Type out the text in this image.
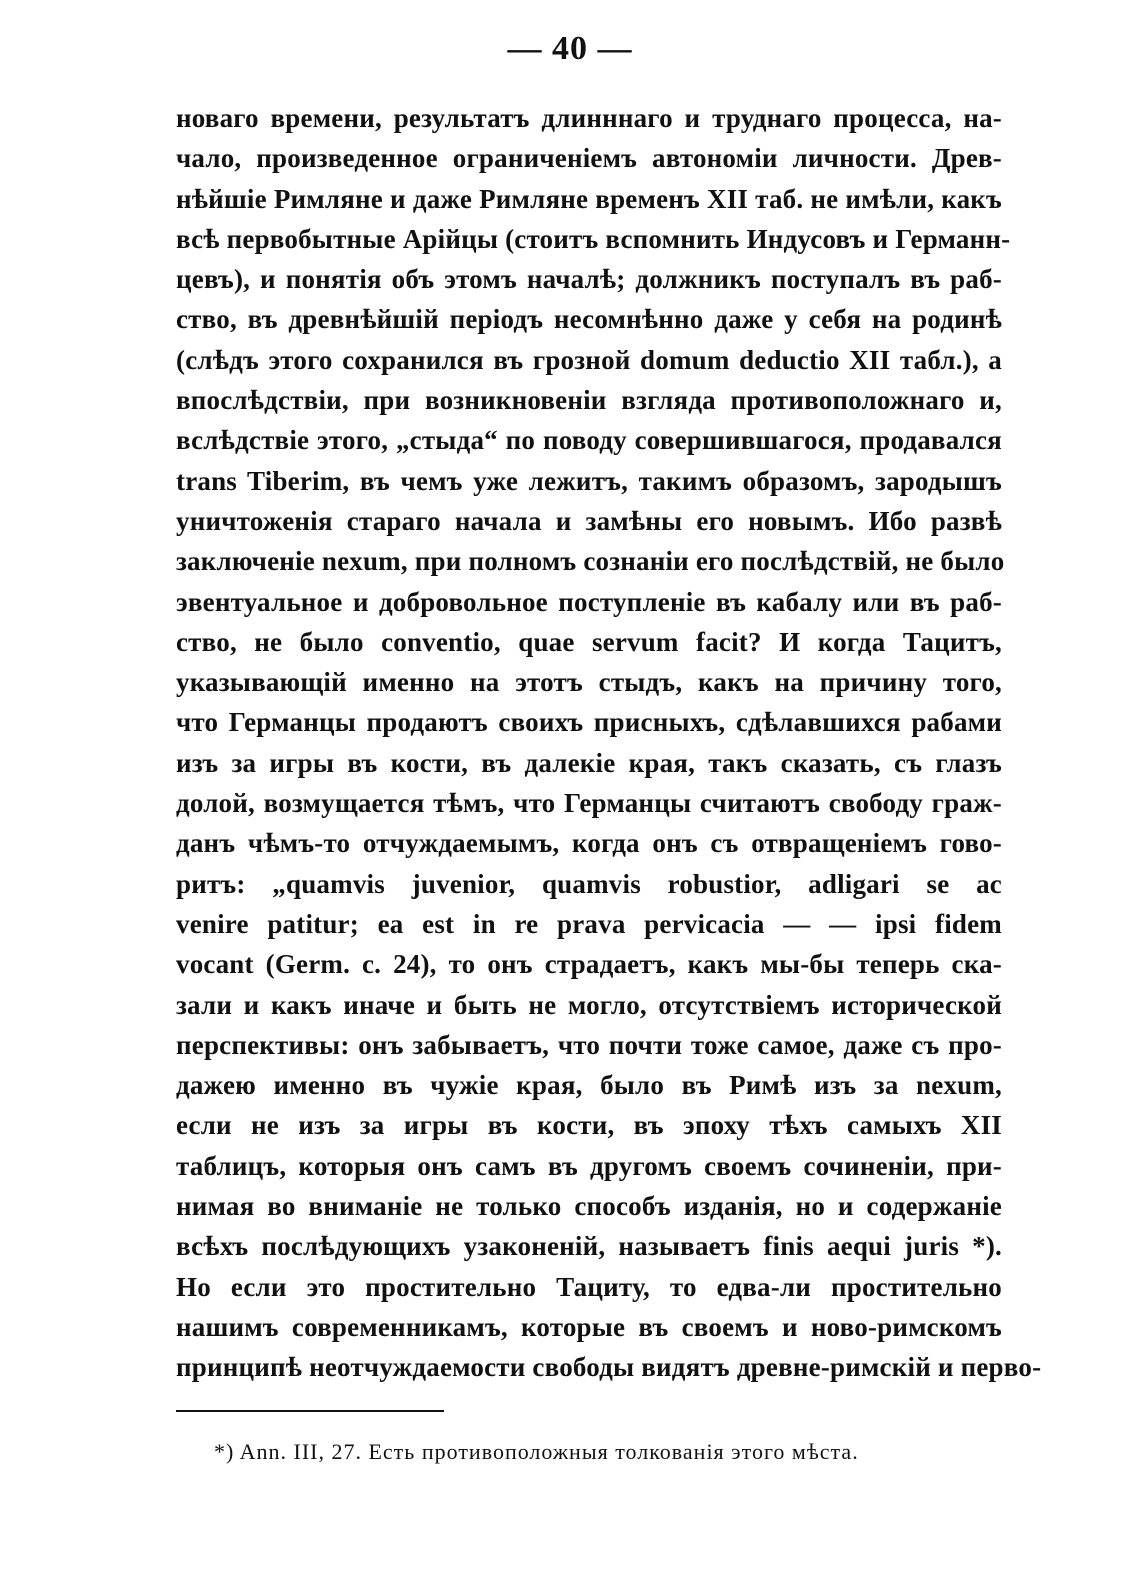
— 40 —
новаго времени, результатъ длинннаго и труднаго процесса, на-
чало, произведенное ограниченіемъ автономіи личности. Древ-
нѣйшіе Римляне и даже Римляне временъ XII таб. не имѣли, какъ
всѣ первобытные Арійцы (стоитъ вспомнить Индусовъ и Германн-
цевъ), и понятія объ этомъ началѣ; должникъ поступалъ въ раб-
ство, въ древнѣйшій періодъ несомнѣнно даже у себя на родинѣ
(слѣдъ этого сохранился въ грозной domum deductio XII табл.), а
впослѣдствіи, при возникновеніи взгляда противоположнаго и,
вслѣдствіе этого, „стыда“ по поводу совершившагося, продавался
trans Tiberim, въ чемъ уже лежитъ, такимъ образомъ, зародышъ
уничтоженія стараго начала и замѣны его новымъ. Ибо развѣ
заключеніе nexum, при полномъ сознаніи его послѣдствій, не было
эвентуальное и добровольное поступленіе въ кабалу или въ раб-
ство, не было conventio, quae servum facit? И когда Тацитъ,
указывающій именно на этотъ стыдъ, какъ на причину того,
что Германцы продаютъ своихъ присныхъ, сдѣлавшихся рабами
изъ за игры въ кости, въ далекіе края, такъ сказать, съ глазъ
долой, возмущается тѣмъ, что Германцы считаютъ свободу граж-
данъ чѣмъ-то отчуждаемымъ, когда онъ съ отвращеніемъ гово-
ритъ: „quamvis juvenior, quamvis robustior, adligari se ac
venire patitur; ea est in re prava pervicacia — — ipsi fidem
vocant (Germ. c. 24), то онъ страдаетъ, какъ мы-бы теперь ска-
зали и какъ иначе и быть не могло, отсутствіемъ исторической
перспективы: онъ забываетъ, что почти тоже самое, даже съ про-
дажею именно въ чужіе края, было въ Римѣ изъ за nexum,
если не изъ за игры въ кости, въ эпоху тѣхъ самыхъ XII
таблицъ, которыя онъ самъ въ другомъ своемъ сочиненіи, при-
нимая во вниманіе не только способъ изданія, но и содержаніе
всѣхъ послѣдующихъ узаконеній, называетъ finis aequi juris *).
Но если это простительно Тациту, то едва-ли простительно
нашимъ современникамъ, которые въ своемъ и ново-римскомъ
принципѣ неотчуждаемости свободы видятъ древне-римскій и перво-
*) Ann. III, 27. Есть противоположныя толкованія этого мѣста.
